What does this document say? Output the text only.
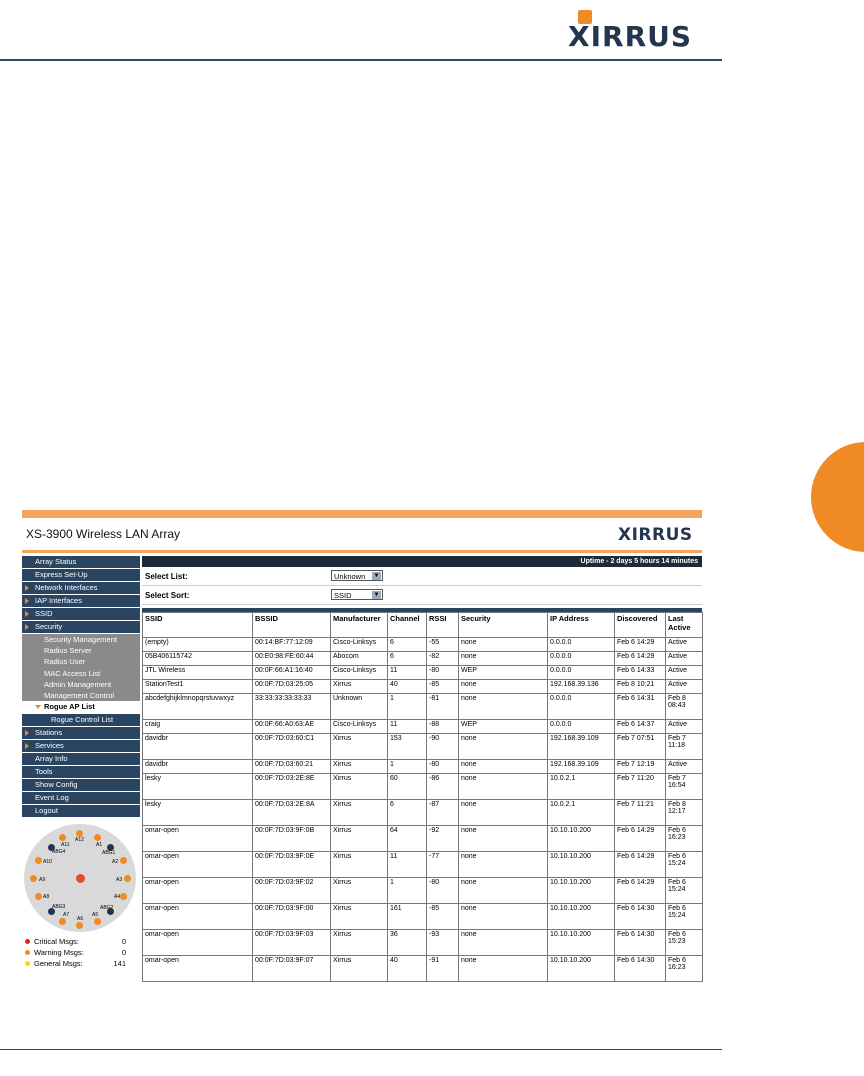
XIRRUS
XS-3900 Wireless LAN Array	XIRRUS
Array Status
Express Set-Up
Network Interfaces
IAP Interfaces
SSID
Security
Security Management
Radius Server
Radius User
MAC Access List
Admin Management
Management Control
Rogue AP List
Rogue Control List
Stations
Services
Array Info
Tools
Show Config
Event Log
Logout
A12
A11	A1
ABG4	ABG1
A10	A2
A9	A3
A8	A4
ABG3	ABG2
A7
A6
A5
Critical Msgs:	0
Warning Msgs:	0
General Msgs:	141
Uptime - 2 days 5 hours 14 minutes
Select List:	Unknown ▼
Select Sort:	SSID	▼
SSID	BSSID	Manufacturer	Channel	RSSI	Security	IP Address	Discovered	Last Active
(empty)	00:14:BF:77:12:09	Cisco-Linksys	6	-55	none	0.0.0.0	Feb 6 14:29	Active
05B406115742	00:E0:98:FE:60:44	Abocom	6	-82	none	0.0.0.0	Feb 6 14:29	Active
JTL Wireless	00:0F:66:A1:16:40	Cisco-Linksys	11	-80	WEP	0.0.0.0	Feb 6 14:33	Active
StationTest1	00:0F:7D:03:25:05	Xirrus	40	-85	none	192.168.39.136	Feb 8 10:21	Active
abcdefghijklmnopqrstuvwxyz	33:33:33:33:33:33	Unknown	1	-81	none	0.0.0.0	Feb 6 14:31	Feb 8 08:43
craig	00:0F:66:A0:63:AE	Cisco-Linksys	11	-88	WEP	0.0.0.0	Feb 6 14:37	Active
davidbr	00:0F:7D:03:60:C1	Xirrus	153	-90	none	192.168.39.109	Feb 7 07:51	Feb 7 11:18
davidbr	00:0F:7D:03:60:21	Xirrus	1	-80	none	192.168.39.109	Feb 7 12:19	Active
lesky	00:0F:7D:03:2E:8E	Xirrus	60	-86	none	10.0.2.1	Feb 7 11:20	Feb 7 16:54
lesky	00:0F:7D:03:2E:8A	Xirrus	6	-87	none	10.0.2.1	Feb 7 11:21	Feb 8 12:17
omar-open	00:0F:7D:03:9F:0B	Xirrus	64	-92	none	10.10.10.200	Feb 6 14:29	Feb 6 16:23
omar-open	00:0F:7D:03:9F:0E	Xirrus	11	-77	none	10.10.10.200	Feb 6 14:29	Feb 6 15:24
omar-open	00:0F:7D:03:9F:02	Xirrus	1	-80	none	10.10.10.200	Feb 6 14:29	Feb 6 15:24
omar-open	00:0F:7D:03:9F:00	Xirrus	161	-85	none	10.10.10.200	Feb 6 14:30	Feb 6 15:24
omar-open	00:0F:7D:03:9F:03	Xirrus	36	-93	none	10.10.10.200	Feb 6 14:30	Feb 6 15:23
omar-open	00:0F:7D:03:9F:07	Xirrus	40	-91	none	10.10.10.200	Feb 6 14:30	Feb 6 16:23
